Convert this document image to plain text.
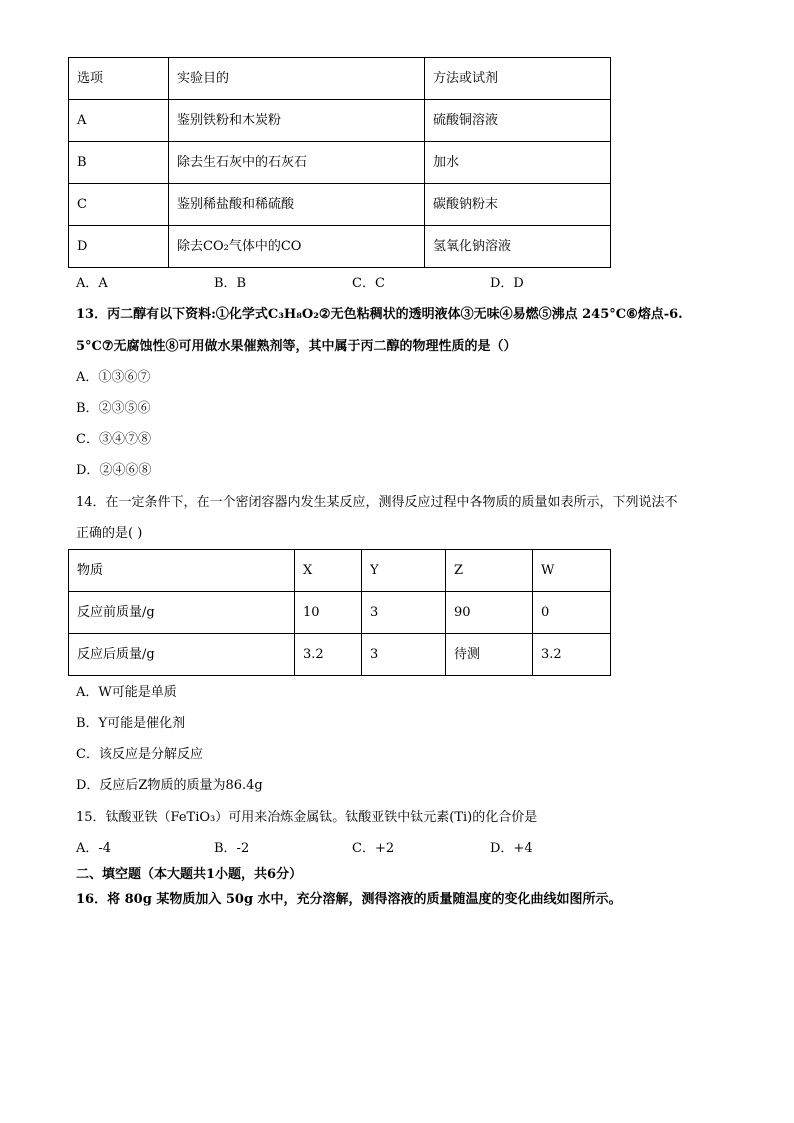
选项	实验目的	方法或试剂
A	鉴别铁粉和木炭粉	硫酸铜溶液
B	除去生石灰中的石灰石	加水
C	鉴别稀盐酸和稀硫酸	碳酸钠粉末
D	除去CO₂气体中的CO	氢氧化钠溶液
A．A	B．B	C．C	D．D
13．丙二醇有以下资料:①化学式C₃H₈O₂②无色粘稠状的透明液体③无味④易燃⑤沸点 245°C⑥熔点-6.
5°C⑦无腐蚀性⑧可用做水果催熟剂等，其中属于丙二醇的物理性质的是（）
A．①③⑥⑦
B．②③⑤⑥
C．③④⑦⑧
D．②④⑥⑧
14．在一定条件下，在一个密闭容器内发生某反应，测得反应过程中各物质的质量如表所示，下列说法不
正确的是( )
物质	X	Y	Z	W
反应前质量/g	10	3	90	0
反应后质量/g	3.2	3	待测	3.2
A．W可能是单质
B．Y可能是催化剂
C．该反应是分解反应
D．反应后Z物质的质量为86.4g
15．钛酸亚铁（FeTiO₃）可用来冶炼金属钛。钛酸亚铁中钛元素(Ti)的化合价是
A．-4	B．-2	C．+2	D．+4
二、填空题（本大题共1小题，共6分）
16．将 80g 某物质加入 50g 水中，充分溶解，测得溶液的质量随温度的变化曲线如图所示。
